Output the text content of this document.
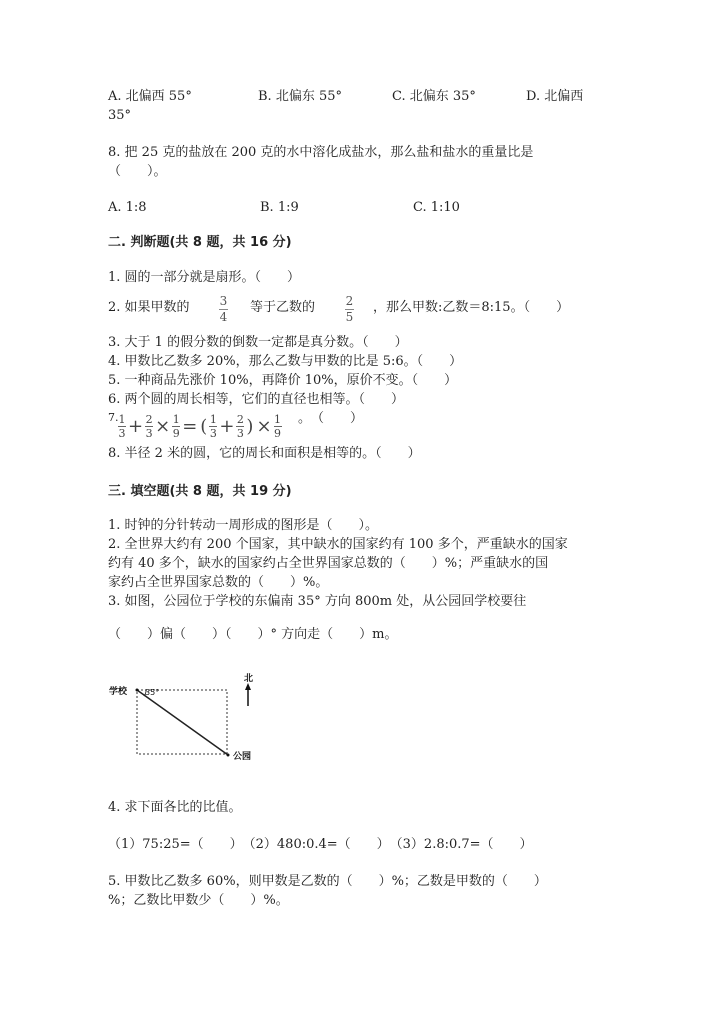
A. 北偏西 55°	B. 北偏东 55°	C. 北偏东 35°	D. 北偏西
35°
8. 把 25 克的盐放在 200 克的水中溶化成盐水，那么盐和盐水的重量比是
（　　）。
A. 1:8	B. 1:9	C. 1:10
二. 判断题(共 8 题，共 16 分)
1. 圆的一部分就是扇形。（　　）
2. 如果甲数的	3
4
等于乙数的	2
5
，那么甲数:乙数＝8:15。（　　）
3. 大于 1 的假分数的倒数一定都是真分数。（　　）
4. 甲数比乙数多 20%，那么乙数与甲数的比是 5:6。（　　）
5. 一种商品先涨价 10%，再降价 10%，原价不变。（　　）
6. 两个圆的周长相等，它们的直径也相等。（　　）
7. 1
3 + 2
3 × 1
9 = ( 1
3 + 2
3 ) × 1
9
。　（　　）
8. 半径 2 米的圆，它的周长和面积是相等的。（　　）
三. 填空题(共 8 题，共 19 分)
1. 时钟的分针转动一周形成的图形是（　　）。
2. 全世界大约有 200 个国家，其中缺水的国家约有 100 多个，严重缺水的国家
约有 40 多个，缺水的国家约占全世界国家总数的（　　）%；严重缺水的国
家约占全世界国家总数的（　　）%。
3. 如图，公园位于学校的东偏南 35° 方向 800m 处，从公园回学校要往
（　　）偏（　　）（　　）° 方向走（　　）m。
学校 35°
公园
北
4. 求下面各比的比值。
（1）75:25=（　　）　（2）480:0.4=（　　）　（3）2.8:0.7=（　　）
5. 甲数比乙数多 60%，则甲数是乙数的（　　）%；乙数是甲数的（　　）
%；乙数比甲数少（　　）%。
